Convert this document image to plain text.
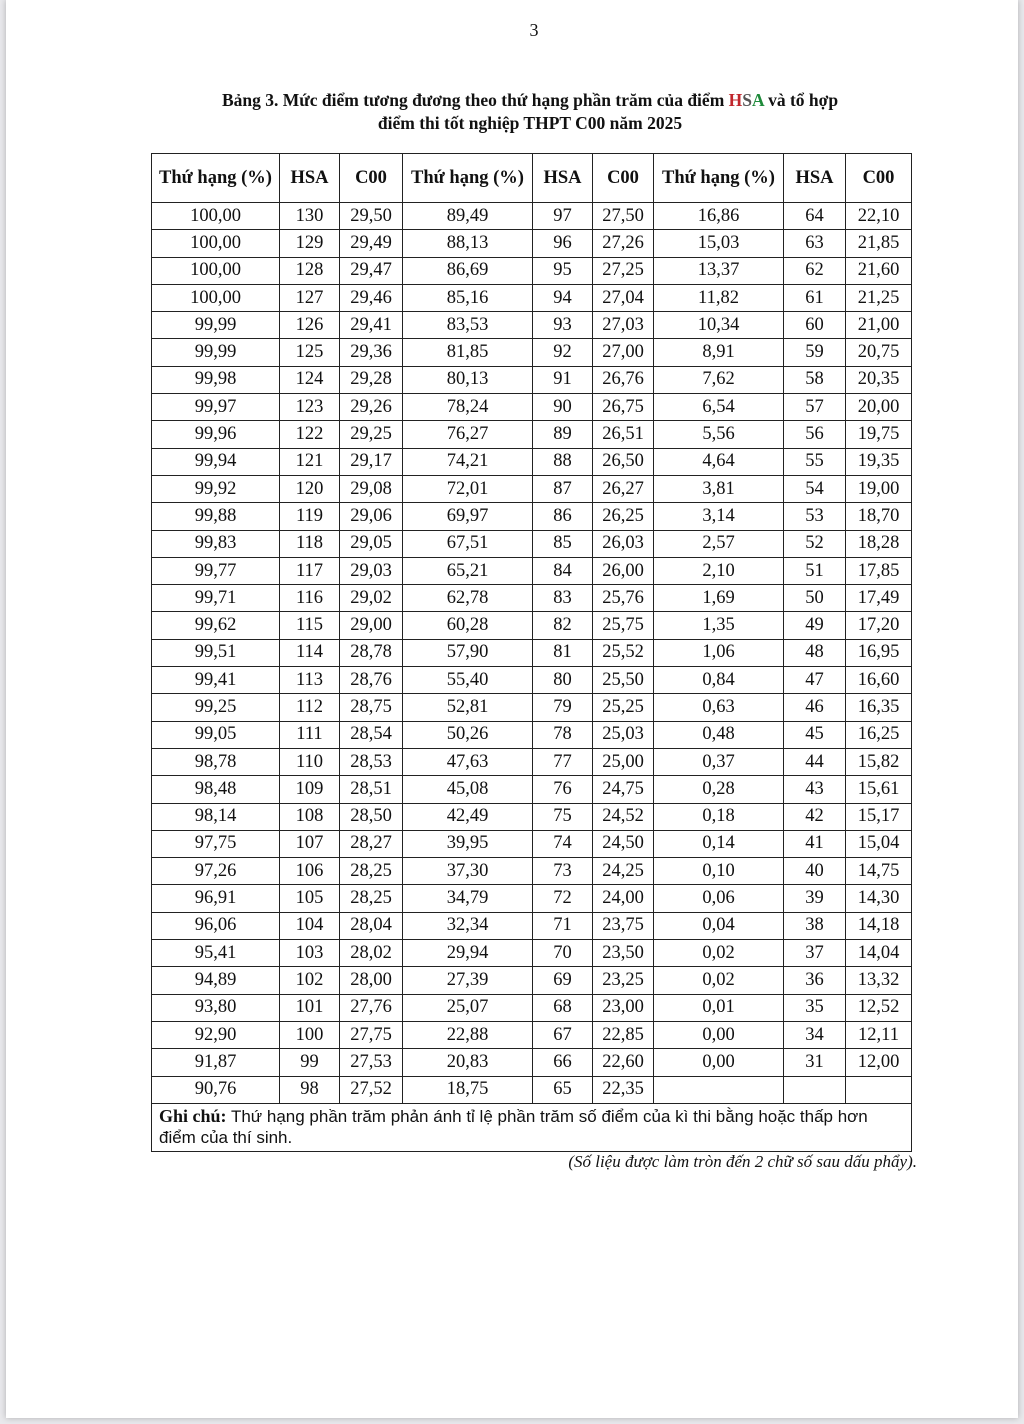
3
Bảng 3. Mức điểm tương đương theo thứ hạng phần trăm của điểm HSA và tổ hợp
điểm thi tốt nghiệp THPT C00 năm 2025
Thứ hạng (%)	HSA	C00	Thứ hạng (%)	HSA	C00	Thứ hạng (%)	HSA	C00
100,00	130	29,50	89,49	97	27,50	16,86	64	22,10
100,00	129	29,49	88,13	96	27,26	15,03	63	21,85
100,00	128	29,47	86,69	95	27,25	13,37	62	21,60
100,00	127	29,46	85,16	94	27,04	11,82	61	21,25
99,99	126	29,41	83,53	93	27,03	10,34	60	21,00
99,99	125	29,36	81,85	92	27,00	8,91	59	20,75
99,98	124	29,28	80,13	91	26,76	7,62	58	20,35
99,97	123	29,26	78,24	90	26,75	6,54	57	20,00
99,96	122	29,25	76,27	89	26,51	5,56	56	19,75
99,94	121	29,17	74,21	88	26,50	4,64	55	19,35
99,92	120	29,08	72,01	87	26,27	3,81	54	19,00
99,88	119	29,06	69,97	86	26,25	3,14	53	18,70
99,83	118	29,05	67,51	85	26,03	2,57	52	18,28
99,77	117	29,03	65,21	84	26,00	2,10	51	17,85
99,71	116	29,02	62,78	83	25,76	1,69	50	17,49
99,62	115	29,00	60,28	82	25,75	1,35	49	17,20
99,51	114	28,78	57,90	81	25,52	1,06	48	16,95
99,41	113	28,76	55,40	80	25,50	0,84	47	16,60
99,25	112	28,75	52,81	79	25,25	0,63	46	16,35
99,05	111	28,54	50,26	78	25,03	0,48	45	16,25
98,78	110	28,53	47,63	77	25,00	0,37	44	15,82
98,48	109	28,51	45,08	76	24,75	0,28	43	15,61
98,14	108	28,50	42,49	75	24,52	0,18	42	15,17
97,75	107	28,27	39,95	74	24,50	0,14	41	15,04
97,26	106	28,25	37,30	73	24,25	0,10	40	14,75
96,91	105	28,25	34,79	72	24,00	0,06	39	14,30
96,06	104	28,04	32,34	71	23,75	0,04	38	14,18
95,41	103	28,02	29,94	70	23,50	0,02	37	14,04
94,89	102	28,00	27,39	69	23,25	0,02	36	13,32
93,80	101	27,76	25,07	68	23,00	0,01	35	12,52
92,90	100	27,75	22,88	67	22,85	0,00	34	12,11
91,87	99	27,53	20,83	66	22,60	0,00	31	12,00
90,76	98	27,52	18,75	65	22,35			
Ghi chú: Thứ hạng phần trăm phản ánh tỉ lệ phần trăm số điểm của kì thi bằng hoặc thấp hơn điểm của thí sinh.								
(Số liệu được làm tròn đến 2 chữ số sau dấu phẩy).
